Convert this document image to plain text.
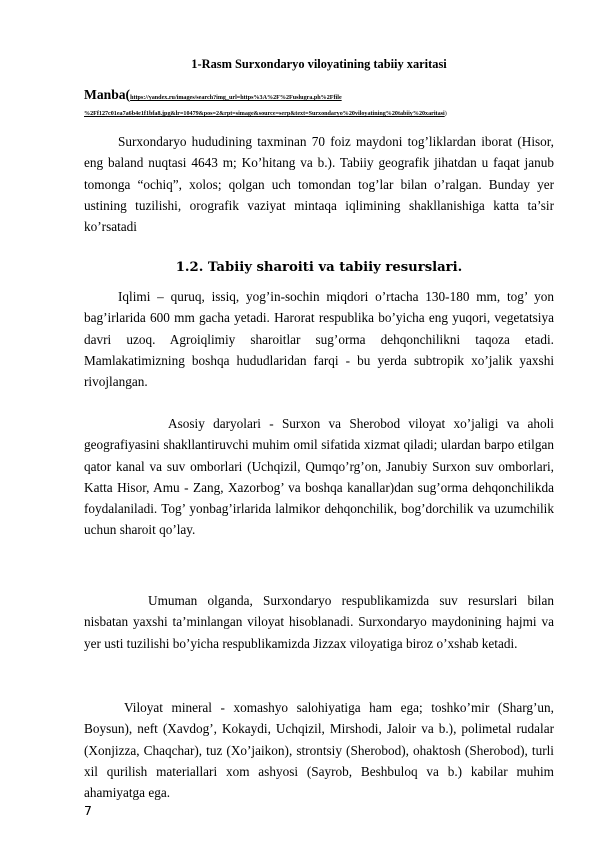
1-Rasm Surxondaryo viloyatining tabiiy xaritasi
Manba(https://yandex.ru/images/search?img_url=https%3A%2F%2Fuslugra.ph%2Ffile
%2Ff127c01ea7a6b4e1f1bfa8.jpg&lr=10479&pos=2&rpt=simage&source=serp&text=Surxondaryo%20viloyatining%20tabiiy%20xaritasi)

Surxondaryo hududining taxminan 70 foiz maydoni tog’liklardan iborat (Hisor, eng baland nuqtasi 4643 m; Ko’hitang va b.). Tabiiy geografik jihatdan u faqat janub tomonga “ochiq”, xolos; qolgan uch tomondan tog’lar bilan o’ralgan. Bunday yer ustining tuzilishi, orografik vaziyat mintaqa iqlimining shakllanishiga katta ta’sir ko’rsatadi

1.2. Tabiiy sharoiti va tabiiy resurslari.

Iqlimi – quruq, issiq, yog’in-sochin miqdori o’rtacha 130-180 mm, tog’ yon bag’irlarida 600 mm gacha yetadi. Harorat respublika bo’yicha eng yuqori, vegetatsiya davri uzoq. Agroiqlimiy sharoitlar sug’orma dehqonchilikni taqoza etadi. Mamlakatimizning boshqa hududlaridan farqi - bu yerda subtropik xo’jalik yaxshi rivojlangan.

Asosiy daryolari - Surxon va Sherobod viloyat xo’jaligi va aholi geografiyasini shakllantiruvchi muhim omil sifatida xizmat qiladi; ulardan barpo etilgan qator kanal va suv omborlari (Uchqizil, Qumqo’rg’on, Janubiy Surxon suv omborlari, Katta Hisor, Amu - Zang, Xazorbog’ va boshqa kanallar)dan sug’orma dehqonchilikda foydalaniladi. Tog’ yonbag’irlarida lalmikor dehqonchilik, bog’dorchilik va uzumchilik uchun sharoit qo’lay.

Umuman olganda, Surxondaryo respublikamizda suv resurslari bilan nisbatan yaxshi ta’minlangan viloyat hisoblanadi. Surxondaryo maydonining hajmi va yer usti tuzilishi bo’yicha respublikamizda Jizzax viloyatiga biroz o’xshab ketadi.

Viloyat mineral - xomashyo salohiyatiga ham ega; toshko’mir (Sharg’un, Boysun), neft (Xavdog’, Kokaydi, Uchqizil, Mirshodi, Jaloir va b.), polimetal rudalar (Xonjizza, Chaqchar), tuz (Xo’jaikon), strontsiy (Sherobod), ohaktosh (Sherobod), turli xil qurilish materiallari xom ashyosi (Sayrob, Beshbuloq va b.) kabilar muhim ahamiyatga ega.

7
